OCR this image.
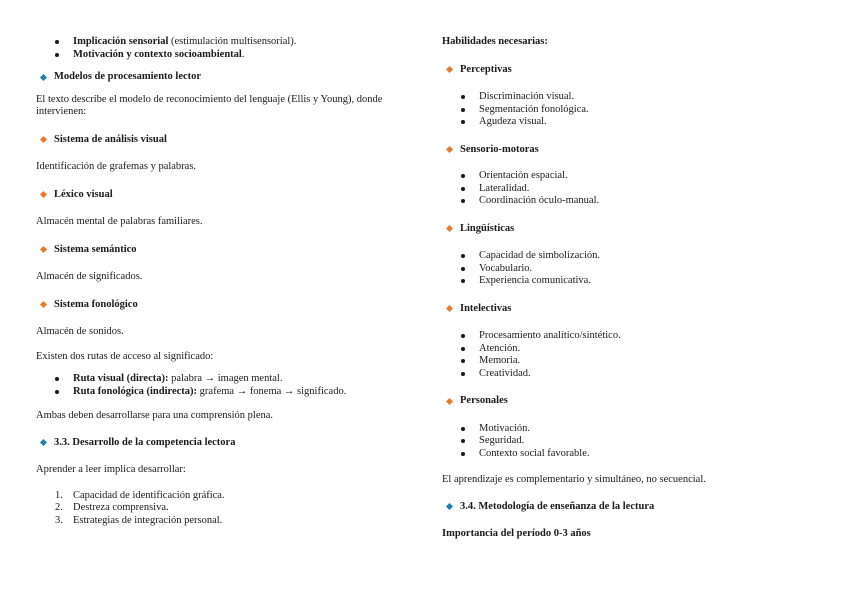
Implicación sensorial (estimulación multisensorial).
Motivación y contexto socioambiental.
Modelos de procesamiento lector

El texto describe el modelo de reconocimiento del lenguaje (Ellis y Young), donde intervienen:

Sistema de análisis visual

Identificación de grafemas y palabras.

Léxico visual

Almacén mental de palabras familiares.

Sistema semántico

Almacén de significados.

Sistema fonológico

Almacén de sonidos.

Existen dos rutas de acceso al significado:

Ruta visual (directa): palabra → imagen mental.
Ruta fonológica (indirecta): grafema → fonema → significado.

Ambas deben desarrollarse para una comprensión plena.

3.3. Desarrollo de la competencia lectora

Aprender a leer implica desarrollar:

1. Capacidad de identificación gráfica.
2. Destreza comprensiva.
3. Estrategias de integración personal.

Habilidades necesarias:

Perceptivas
Discriminación visual.
Segmentación fonológica.
Agudeza visual.
Sensorio-motoras
Orientación espacial.
Lateralidad.
Coordinación óculo-manual.
Lingüísticas
Capacidad de simbolización.
Vocabulario.
Experiencia comunicativa.
Intelectivas
Procesamiento analítico/sintético.
Atención.
Memoria.
Creatividad.
Personales
Motivación.
Seguridad.
Contexto social favorable.

El aprendizaje es complementario y simultáneo, no secuencial.

3.4. Metodología de enseñanza de la lectura

Importancia del período 0-3 años
